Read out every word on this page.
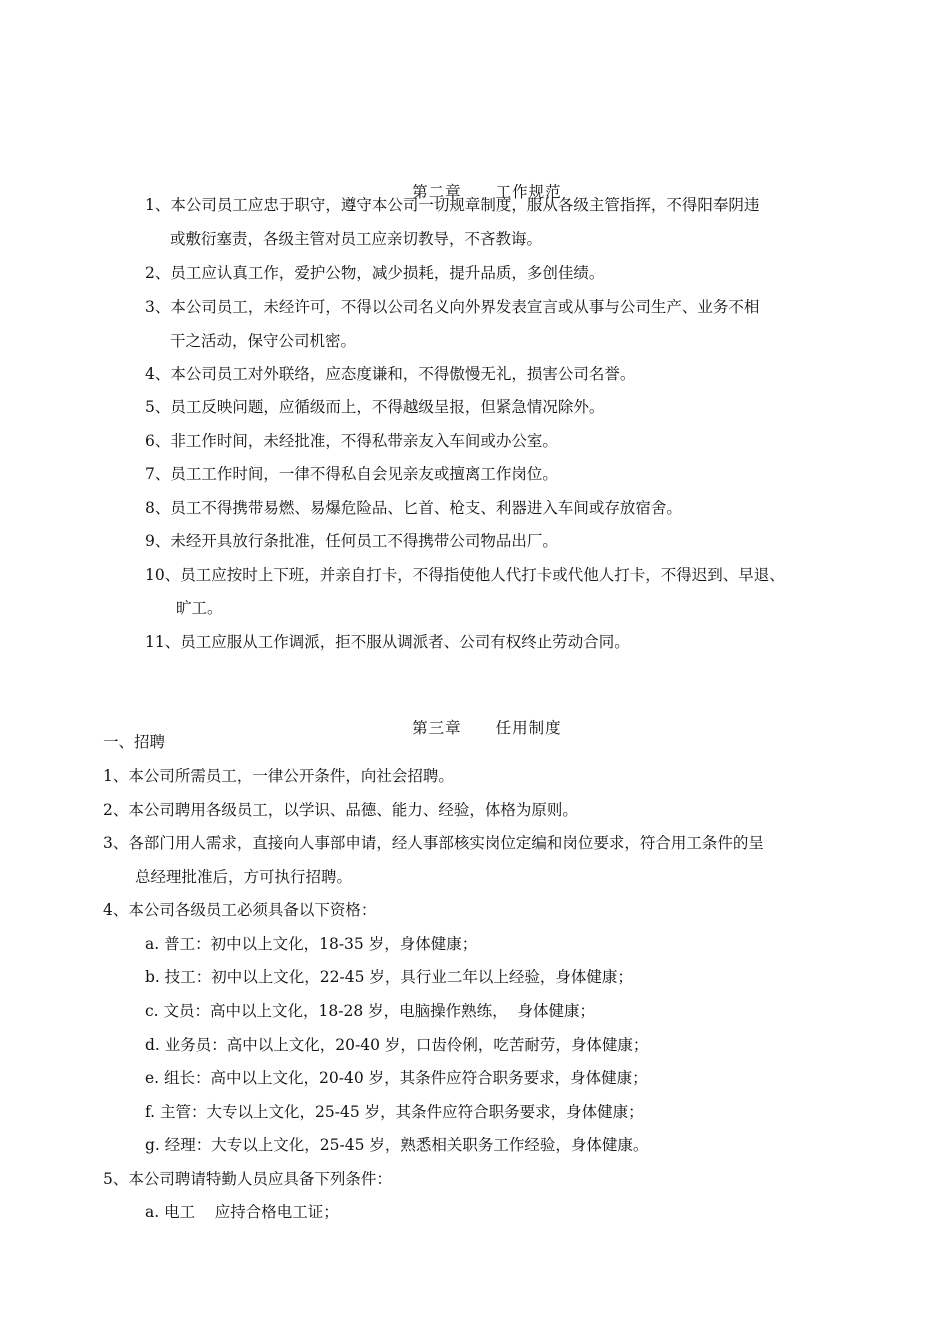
第二章 工作规范

1、本公司员工应忠于职守，遵守本公司一切规章制度，服从各级主管指挥，不得阳奉阴违
或敷衍塞责，各级主管对员工应亲切教导，不吝教诲。
2、员工应认真工作，爱护公物，减少损耗，提升品质，多创佳绩。
3、本公司员工，未经许可，不得以公司名义向外界发表宣言或从事与公司生产、业务不相
干之活动，保守公司机密。
4、本公司员工对外联络，应态度谦和，不得傲慢无礼，损害公司名誉。
5、员工反映问题，应循级而上，不得越级呈报，但紧急情况除外。
6、非工作时间，未经批准，不得私带亲友入车间或办公室。
7、员工工作时间，一律不得私自会见亲友或擅离工作岗位。
8、员工不得携带易燃、易爆危险品、匕首、枪支、利器进入车间或存放宿舍。
9、未经开具放行条批准，任何员工不得携带公司物品出厂。
10、员工应按时上下班，并亲自打卡，不得指使他人代打卡或代他人打卡，不得迟到、早退、
旷工。
11、员工应服从工作调派，拒不服从调派者、公司有权终止劳动合同。

第三章 任用制度

一、招聘
1、本公司所需员工，一律公开条件，向社会招聘。
2、本公司聘用各级员工，以学识、品德、能力、经验，体格为原则。
3、各部门用人需求，直接向人事部申请，经人事部核实岗位定编和岗位要求，符合用工条件的呈
总经理批准后，方可执行招聘。
4、本公司各级员工必须具备以下资格：
a. 普工：初中以上文化，18-35 岁，身体健康；
b. 技工：初中以上文化，22-45 岁，具行业二年以上经验，身体健康；
c. 文员：高中以上文化，18-28 岁，电脑操作熟练，  身体健康；
d. 业务员：高中以上文化，20-40 岁，口齿伶俐，吃苦耐劳，身体健康；
e. 组长：高中以上文化，20-40 岁，其条件应符合职务要求，身体健康；
f. 主管：大专以上文化，25-45 岁，其条件应符合职务要求，身体健康；
g. 经理：大专以上文化，25-45 岁，熟悉相关职务工作经验，身体健康。
5、本公司聘请特勤人员应具备下列条件：
a. 电工    应持合格电工证；
